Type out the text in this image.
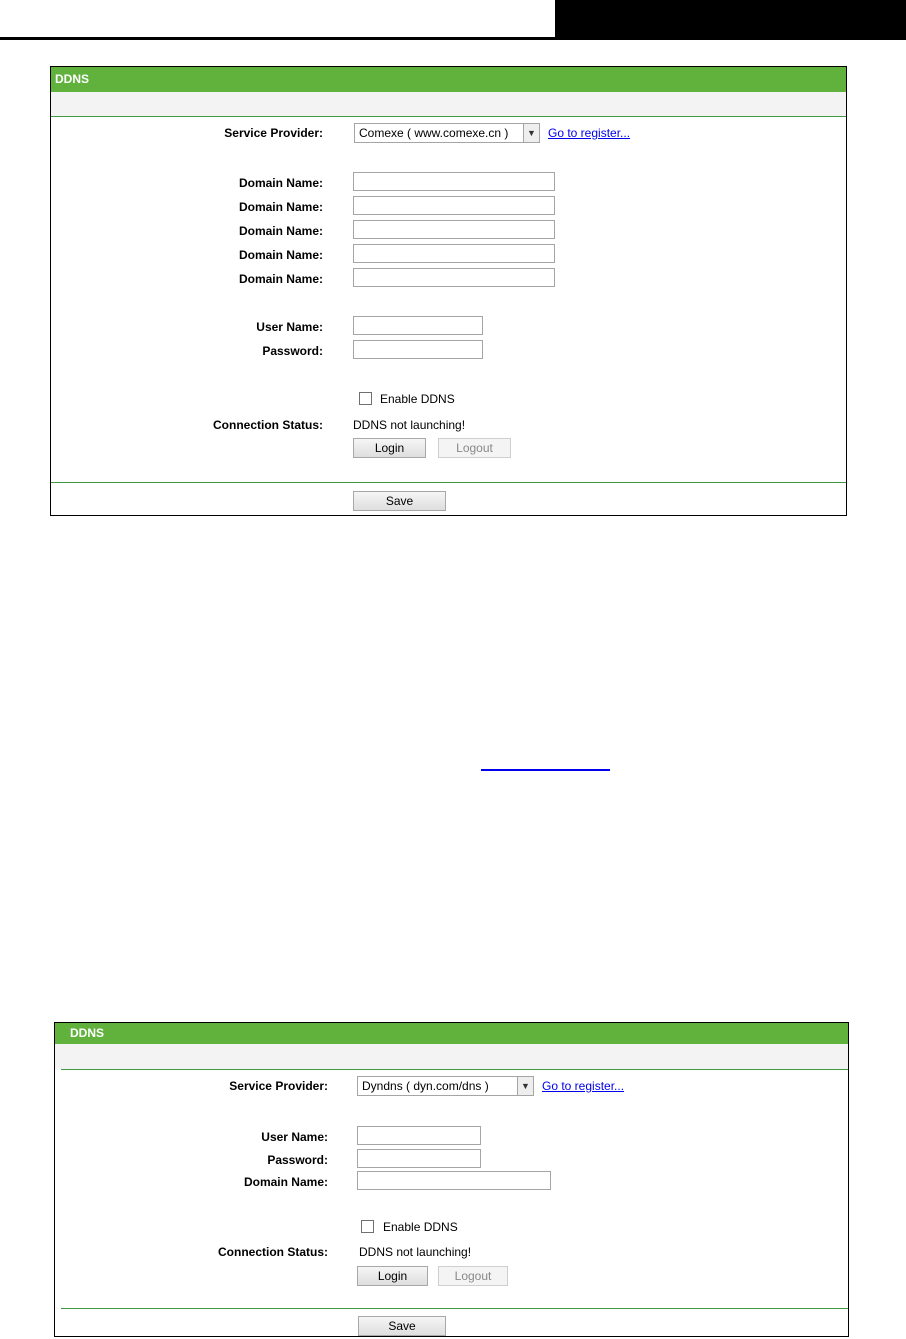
DDNS
Service Provider:	Comexe ( www.comexe.cn )	▼ Go to register...
Domain Name:
Domain Name:
Domain Name:
Domain Name:
Domain Name:
User Name:
Password:
Enable DDNS
Connection Status:	DDNS not launching!
Login	Logout
Save
DDNS
Service Provider:	Dyndns ( dyn.com/dns )	▼ Go to register...
User Name:
Password:
Domain Name:
Enable DDNS
Connection Status:	DDNS not launching!
Login	Logout
Save
